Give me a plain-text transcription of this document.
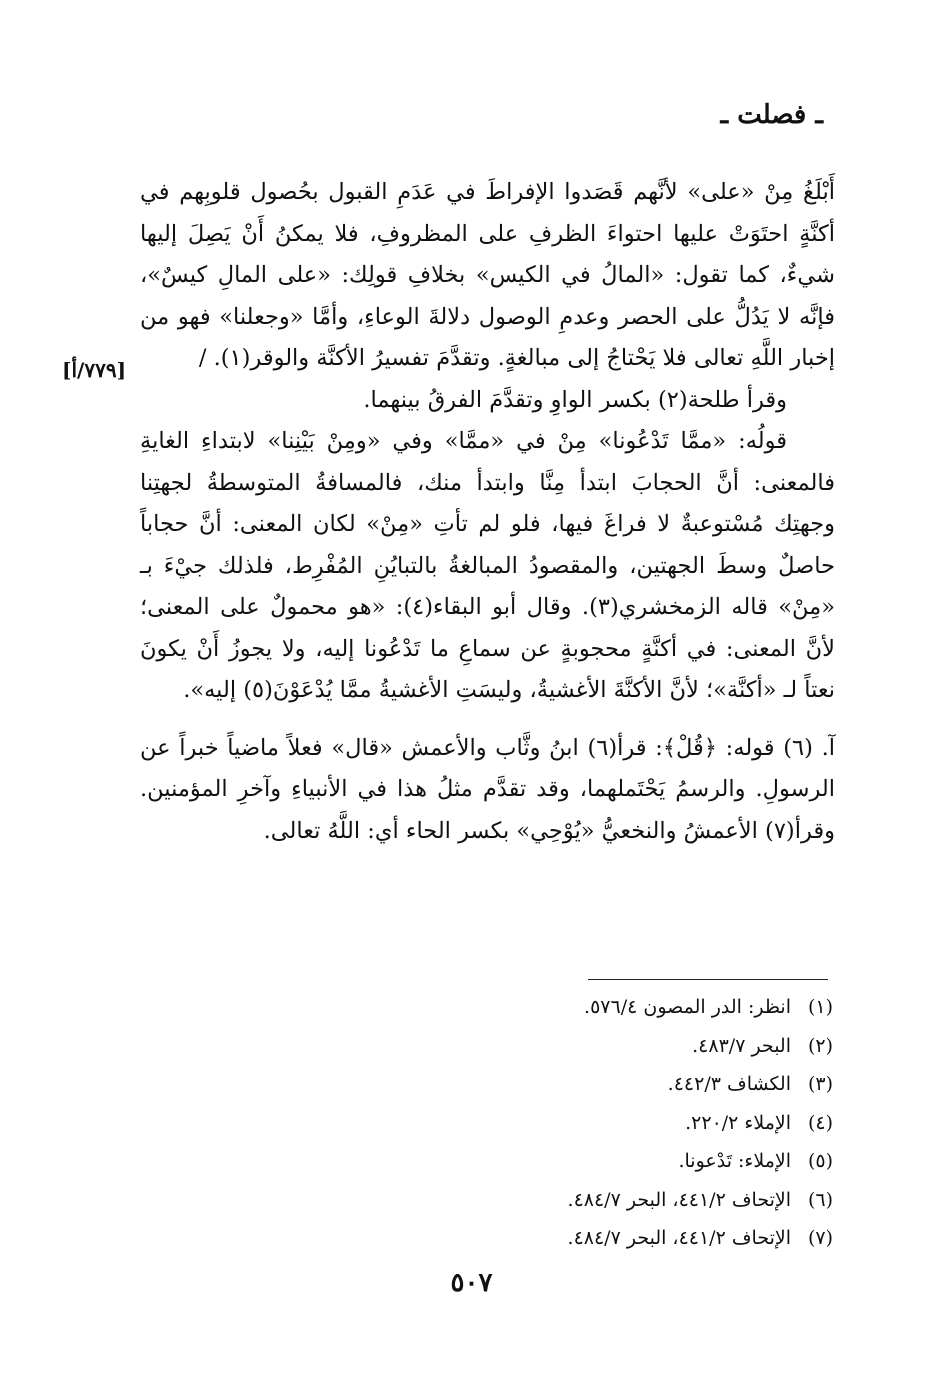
ـ فصلت ـ
[٧٧٩/أ]

أَبْلَغُ مِنْ «على» لأنَّهم قَصَدوا الإفراطَ في عَدَمِ القبول بحُصول قلوبِهم في أكنَّةٍ احتَوَتْ عليها احتواءَ الظرفِ على المظروفِ، فلا يمكنُ أَنْ يَصِلَ إليها شيءٌ، كما تقول: «المالُ في الكيس» بخلافِ قولِك: «على المالِ كيسٌ»، فإنَّه لا يَدُلُّ على الحصر وعدمِ الوصول دلالةَ الوعاءِ، وأمَّا «وجعلنا» فهو من إخبار اللَّهِ تعالى فلا يَحْتاجُ إلى مبالغةٍ. وتقدَّمَ تفسيرُ الأكنَّة والوقر(١). /

وقرأ طلحة(٢) بكسر الواوِ وتقدَّمَ الفرقُ بينهما.

قولُه: «ممَّا تَدْعُونا» مِنْ في «ممَّا» وفي «ومِنْ بَيْنِنا» لابتداءِ الغايةِ فالمعنى: أنَّ الحجابَ ابتدأ مِنَّا وابتدأ منك، فالمسافةُ المتوسطةُ لجهتِنا وجهتِك مُسْتوعبةٌ لا فراغَ فيها، فلو لم تأتِ «مِنْ» لكان المعنى: أنَّ حجاباً حاصلٌ وسطَ الجهتين، والمقصودُ المبالغةُ بالتبايُنِ المُفْرِط، فلذلك جيْءَ بـ «مِنْ» قاله الزمخشري(٣). وقال أبو البقاء(٤): «هو محمولٌ على المعنى؛ لأنَّ المعنى: في أكنَّةٍ محجوبةٍ عن سماعِ ما تَدْعُونا إليه، ولا يجوزُ أَنْ يكونَ نعتاً لـ «أكنَّة»؛ لأنَّ الأكنَّةَ الأغشيةُ، وليسَتِ الأغشيةُ ممَّا يُدْعَوْنَ(٥) إليه».

آ. (٦) قوله: ﴿قُلْ﴾: قرأ(٦) ابنُ وثَّاب والأعمش «قال» فعلاً ماضياً خبراً عن الرسولِ. والرسمُ يَحْتَملهما، وقد تقدَّم مثلُ هذا في الأنبياءِ وآخرِ المؤمنين. وقرأ(٧) الأعمشُ والنخعيُّ «يُوْحِي» بكسر الحاء أي: اللَّهُ تعالى.

(١)انظر: الدر المصون ٥٧٦/٤.
(٢)البحر ٤٨٣/٧.
(٣)الكشاف ٤٤٢/٣.
(٤)الإملاء ٢٢٠/٢.
(٥)الإملاء: تَدْعونا.
(٦)الإتحاف ٤٤١/٢، البحر ٤٨٤/٧.
(٧)الإتحاف ٤٤١/٢، البحر ٤٨٤/٧.
٥٠٧
